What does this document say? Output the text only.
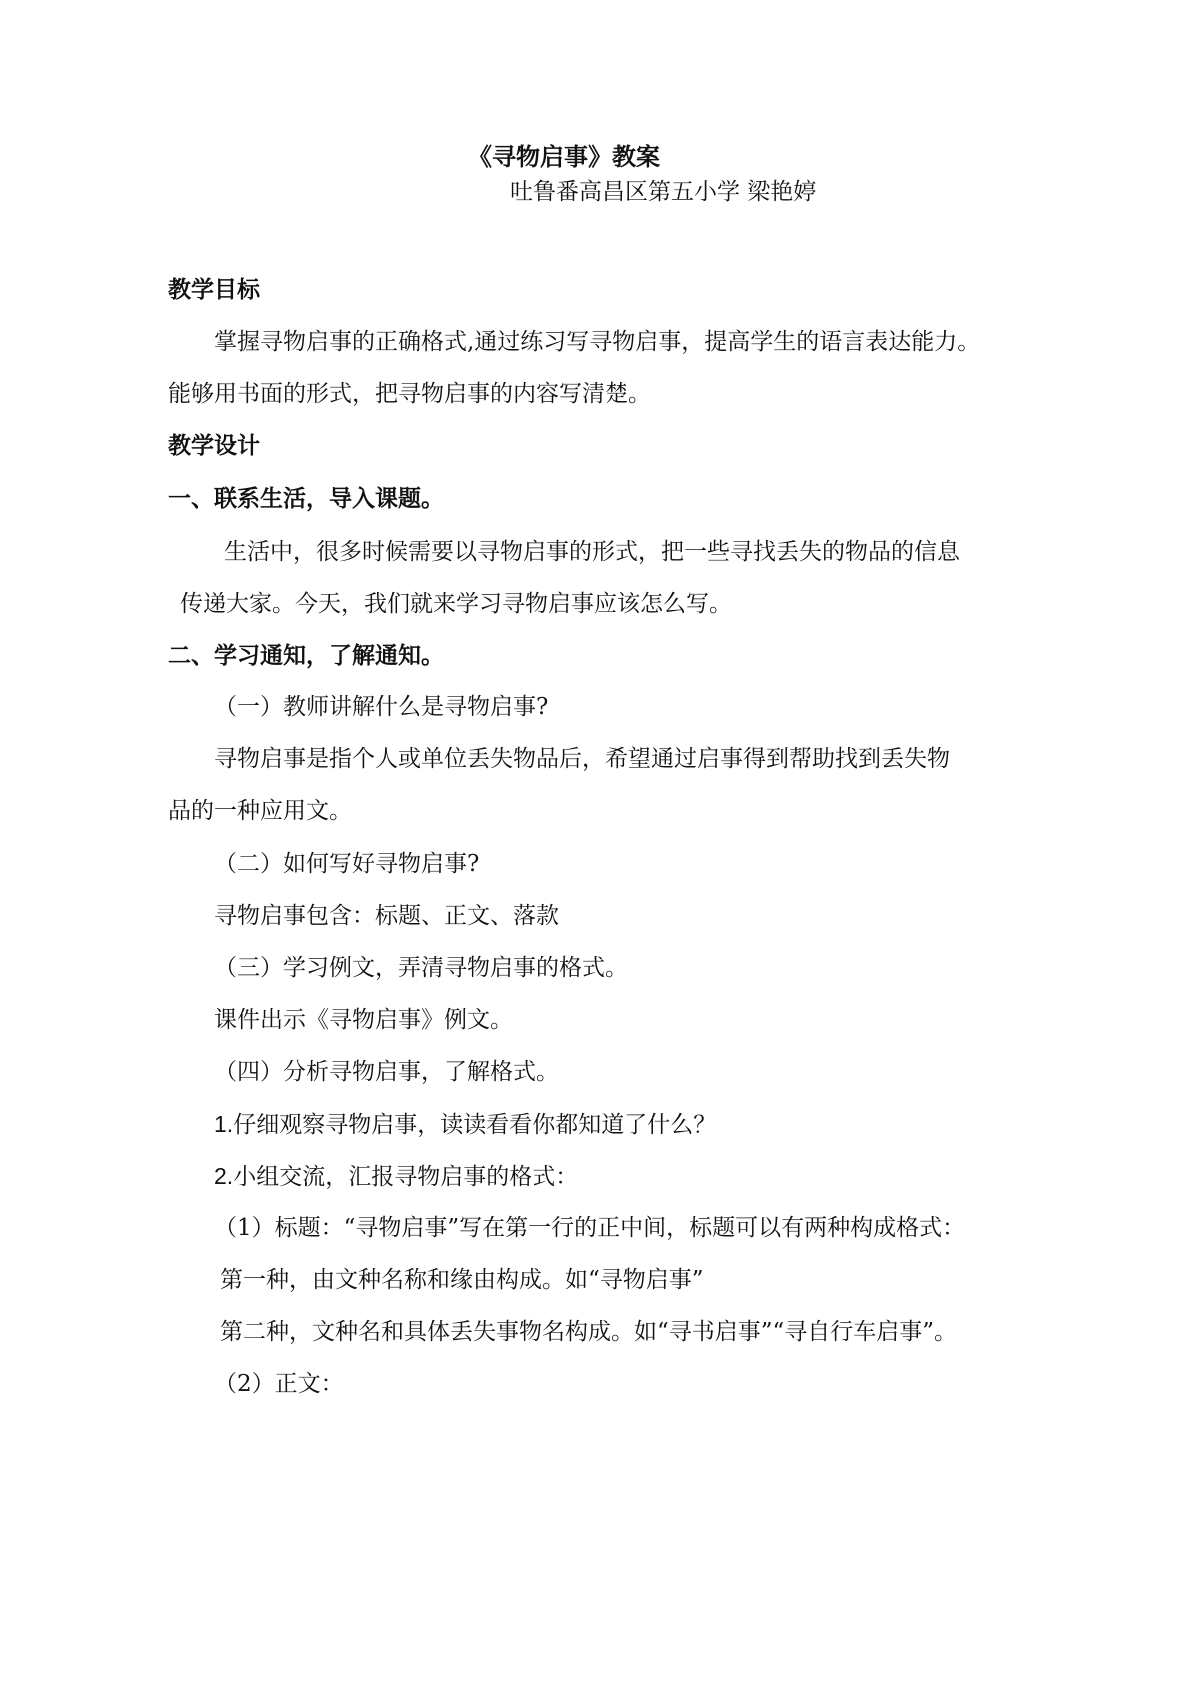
《寻物启事》教案

吐鲁番高昌区第五小学 梁艳婷

教学目标

掌握寻物启事的正确格式,通过练习写寻物启事，提高学生的语言表达能力。

能够用书面的形式，把寻物启事的内容写清楚。

教学设计

一、联系生活，导入课题。

生活中，很多时候需要以寻物启事的形式，把一些寻找丢失的物品的信息

传递大家。今天，我们就来学习寻物启事应该怎么写。

二、学习通知，了解通知。

（一）教师讲解什么是寻物启事?

寻物启事是指个人或单位丢失物品后，希望通过启事得到帮助找到丢失物

品的一种应用文。

（二）如何写好寻物启事?

寻物启事包含：标题、正文、落款

（三）学习例文，弄清寻物启事的格式。

课件出示《寻物启事》例文。

（四）分析寻物启事，了解格式。

1.仔细观察寻物启事，读读看看你都知道了什么？

2.小组交流，汇报寻物启事的格式：

（1）标题：“寻物启事”写在第一行的正中间，标题可以有两种构成格式：

第一种，由文种名称和缘由构成。如“寻物启事”

第二种，文种名和具体丢失事物名构成。如“寻书启事”“寻自行车启事”。

（2）正文：
